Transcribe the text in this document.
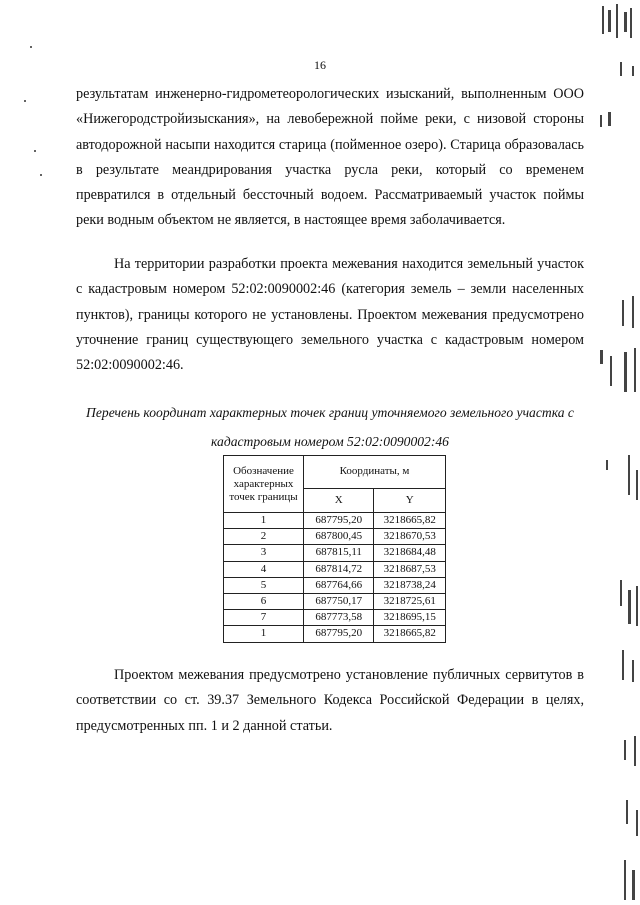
16

результатам инженерно-гидрометеорологических изысканий, выполненным ООО «Нижегородстройизыскания», на левобережной пойме реки, с низовой стороны автодорожной насыпи находится старица (пойменное озеро). Старица образовалась в результате меандрирования участка русла реки, который со временем превратился в отдельный бессточный водоем. Рассматриваемый участок поймы реки водным объектом не является, в настоящее время заболачивается.

На территории разработки проекта межевания находится земельный участок с кадастровым номером 52:02:0090002:46 (категория земель – земли населенных пунктов), границы которого не установлены. Проектом межевания предусмотрено уточнение границ существующего земельного участка с кадастровым номером 52:02:0090002:46.

Перечень координат характерных точек границ уточняемого земельного участка с кадастровым номером 52:02:0090002:46

Обозначение характерных точек границы	Координаты, м	
	X	Y
1	687795,20	3218665,82
2	687800,45	3218670,53
3	687815,11	3218684,48
4	687814,72	3218687,53
5	687764,66	3218738,24
6	687750,17	3218725,61
7	687773,58	3218695,15
1	687795,20	3218665,82

Проектом межевания предусмотрено установление публичных сервитутов в соответствии со ст. 39.37 Земельного Кодекса Российской Федерации в целях, предусмотренных пп. 1 и 2 данной статьи.
